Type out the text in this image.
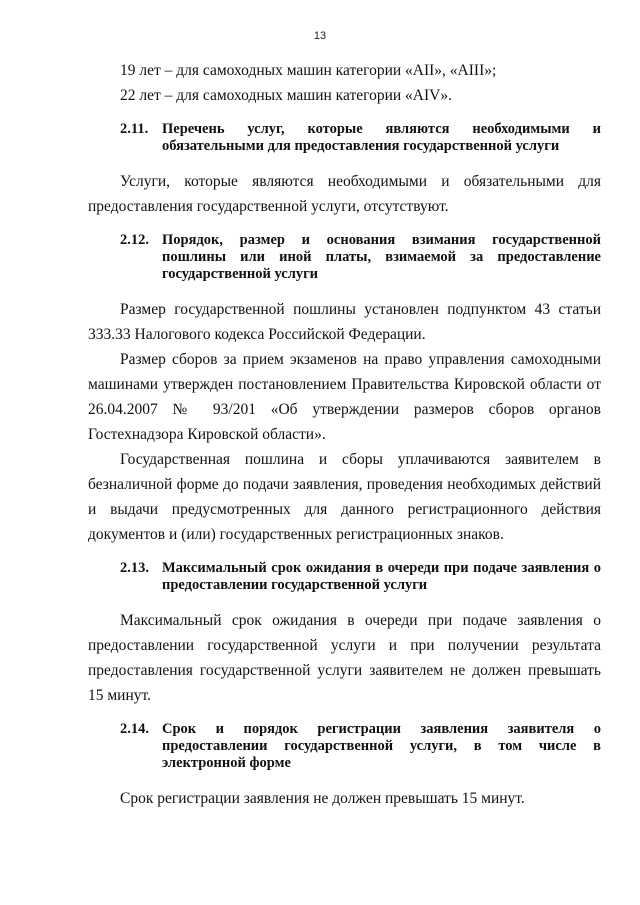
13

19 лет – для самоходных машин категории «AII», «AIII»;

22 лет – для самоходных машин категории «AIV».

2.11. Перечень услуг, которые являются необходимыми и обязательными для предоставления государственной услуги

Услуги, которые являются необходимыми и обязательными для предоставления государственной услуги, отсутствуют.

2.12. Порядок, размер и основания взимания государственной пошлины или иной платы, взимаемой за предоставление государственной услуги

Размер государственной пошлины установлен подпунктом 43 статьи 333.33 Налогового кодекса Российской Федерации.

Размер сборов за прием экзаменов на право управления самоходными машинами утвержден постановлением Правительства Кировской области от 26.04.2007 № 93/201 «Об утверждении размеров сборов органов Гостехнадзора Кировской области».

Государственная пошлина и сборы уплачиваются заявителем в безналичной форме до подачи заявления, проведения необходимых действий и выдачи предусмотренных для данного регистрационного действия документов и (или) государственных регистрационных знаков.

2.13. Максимальный срок ожидания в очереди при подаче заявления о предоставлении государственной услуги

Максимальный срок ожидания в очереди при подаче заявления о предоставлении государственной услуги и при получении результата предоставления государственной услуги заявителем не должен превышать 15 минут.

2.14. Срок и порядок регистрации заявления заявителя о предоставлении государственной услуги, в том числе в электронной форме

Срок регистрации заявления не должен превышать 15 минут.
